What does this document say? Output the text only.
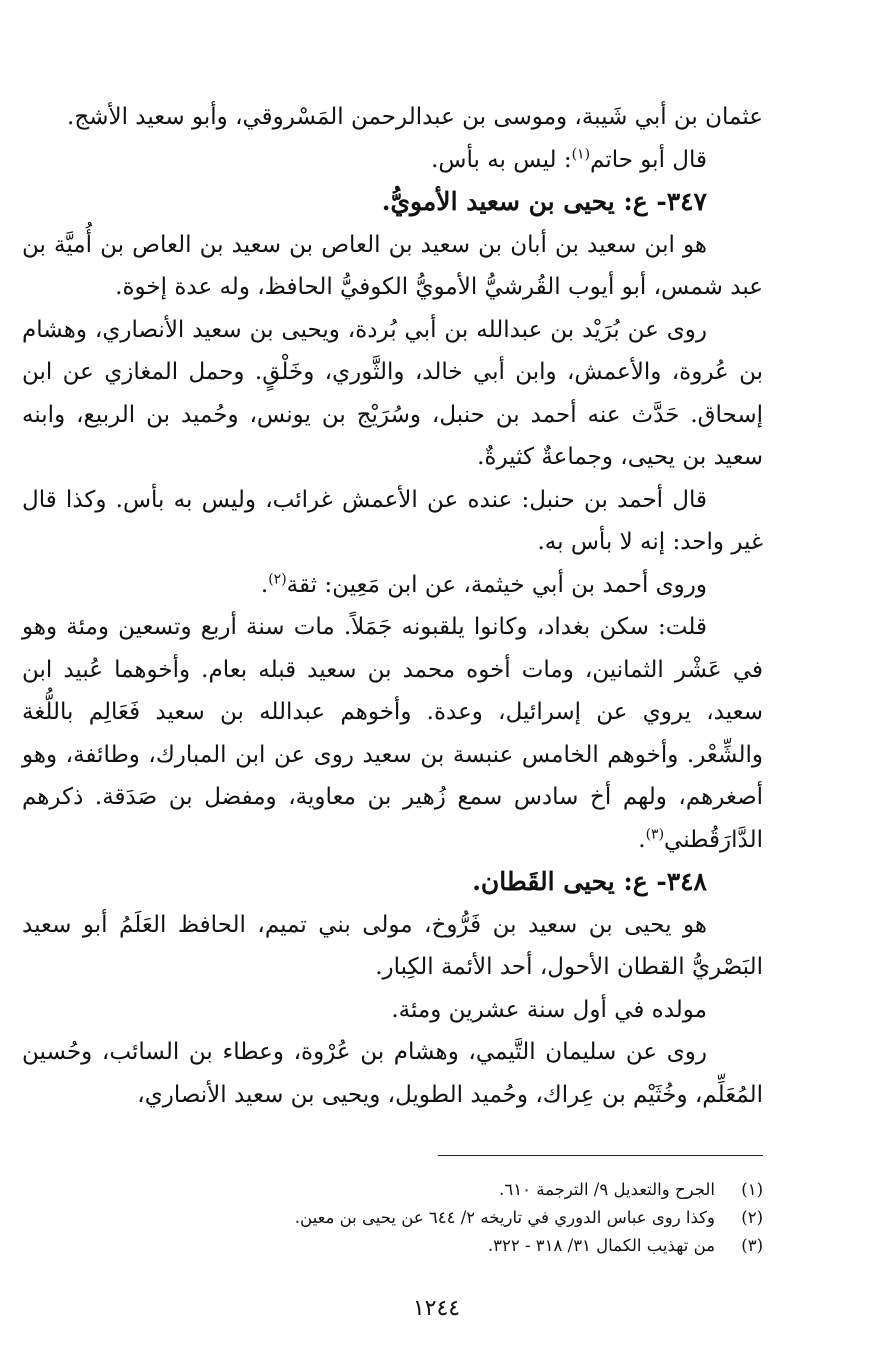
عثمان بن أبي شَيبة، وموسى بن عبدالرحمن المَسْروقي، وأبو سعيد الأشج.

قال أبو حاتم$^{(١)}$: ليس به بأس.

٣٤٧- ع: يحيى بن سعيد الأمويُّ.

هو ابن سعيد بن أبان بن سعيد بن العاص بن سعيد بن العاص بن أُميَّة بن عبد شمس، أبو أيوب القُرشيُّ الأمويُّ الكوفيُّ الحافظ، وله عدة إخوة.

روى عن بُرَيْد بن عبدالله بن أبي بُردة، ويحيى بن سعيد الأنصاري، وهشام بن عُروة، والأعمش، وابن أبي خالد، والثَّوري، وخَلْقٍ. وحمل المغازي عن ابن إسحاق. حَدَّث عنه أحمد بن حنبل، وسُرَيْج بن يونس، وحُميد بن الربيع، وابنه سعيد بن يحيى، وجماعةٌ كثيرةٌ.

قال أحمد بن حنبل: عنده عن الأعمش غرائب، وليس به بأس. وكذا قال غير واحد: إنه لا بأس به.

وروى أحمد بن أبي خيثمة، عن ابن مَعِين: ثقة$^{(٢)}$.

قلت: سكن بغداد، وكانوا يلقبونه جَمَلاً. مات سنة أربع وتسعين ومئة وهو في عَشْر الثمانين، ومات أخوه محمد بن سعيد قبله بعام. وأخوهما عُبيد ابن سعيد، يروي عن إسرائيل، وعدة. وأخوهم عبدالله بن سعيد فَعَالِم باللُّغة والشِّعْر. وأخوهم الخامس عنبسة بن سعيد روى عن ابن المبارك، وطائفة، وهو أصغرهم، ولهم أخ سادس سمع زُهير بن معاوية، ومفضل بن صَدَقة. ذكرهم الدَّارَقُطني$^{(٣)}$.

٣٤٨- ع: يحيى القَطان.

هو يحيى بن سعيد بن فَرُّوخ، مولى بني تميم، الحافظ العَلَمُ أبو سعيد البَصْريُّ القطان الأحول، أحد الأئمة الكِبار.

مولده في أول سنة عشرين ومئة.

روى عن سليمان التَّيمي، وهشام بن عُرْوة، وعطاء بن السائب، وحُسين المُعَلِّم، وخُثَيْم بن عِراك، وحُميد الطويل، ويحيى بن سعيد الأنصاري،

(١)الجرح والتعديل ٩/ الترجمة ٦١٠.

(٢)وكذا روى عباس الدوري في تاريخه ٢/ ٦٤٤ عن يحيى بن معين.

(٣)من تهذيب الكمال ٣١/ ٣١٨ - ٣٢٢.

١٢٤٤
